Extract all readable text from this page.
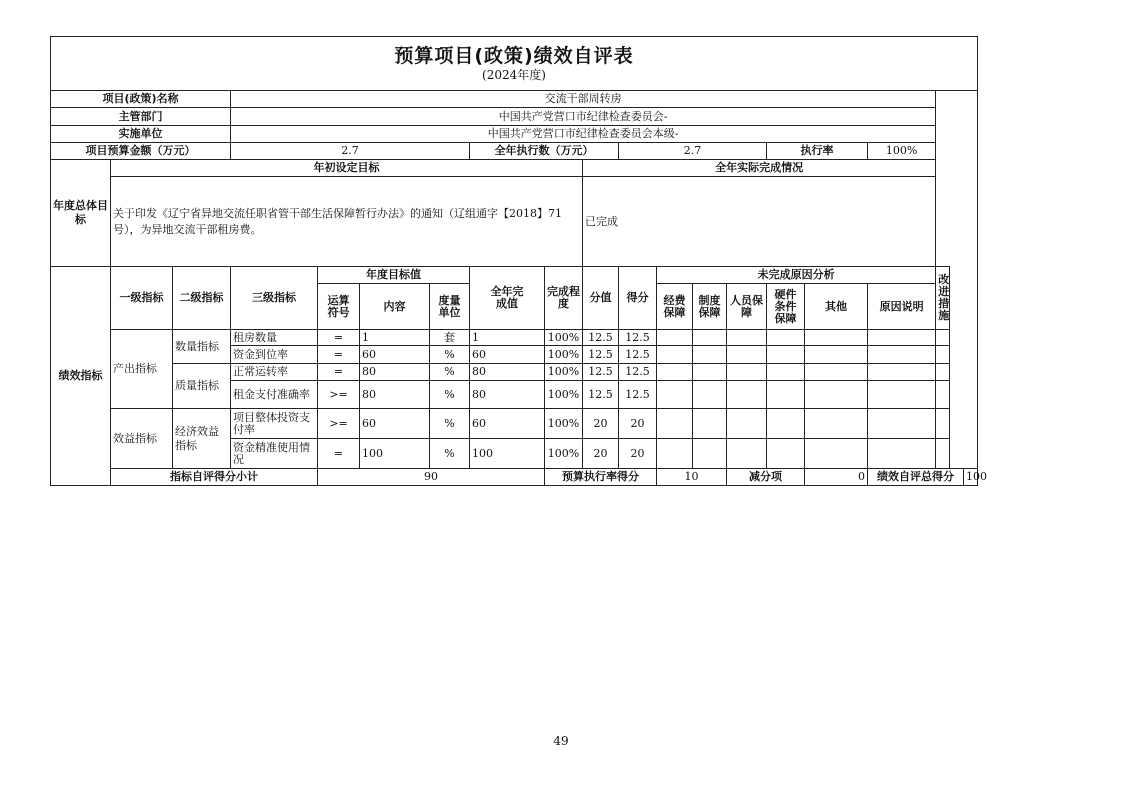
预算项目(政策)绩效自评表
(2024年度)
项目(政策)名称			交流干部周转房															
主管部门			中国共产党营口市纪律检查委员会-															
实施单位			中国共产党营口市纪律检查委员会本级-															
项目预算金额（万元）			2.7				全年执行数（万元）			2.7				执行率		100%		
年度总体目标	年初设定目标								全年实际完成情况									
	关于印发《辽宁省异地交流任职省管干部生活保障暂行办法》的通知（辽组通字【2018】71号），为异地交流干部租房费。								已完成									
绩效指标	一级指标	二级指标	三级指标	年度目标值			全年完成值	完成程度	分值	得分	未完成原因分析						改进措施	
				运算符号	内容	度量单位					经费保障	制度保障	人员保障	硬件条件保障	其他	原因说明		
	产出指标	数量指标	租房数量	=	1	套	1	100%	12.5	12.5								

			资金到位率	=	60	%	60	100%	12.5	12.5								

		质量指标	正常运转率	=	80	%	80	100%	12.5	12.5								
			租金支付准确率	>=	80	%	80	100%	12.5	12.5								

	效益指标	经济效益指标	项目整体投资支付率	>=	60	%	60	100%	20	20								
			资金精准使用情况	=	100	%	100	100%	20	20								
	指标自评得分小计			90				预算执行率得分			10		减分项		0	绩效自评总得分		100
49
